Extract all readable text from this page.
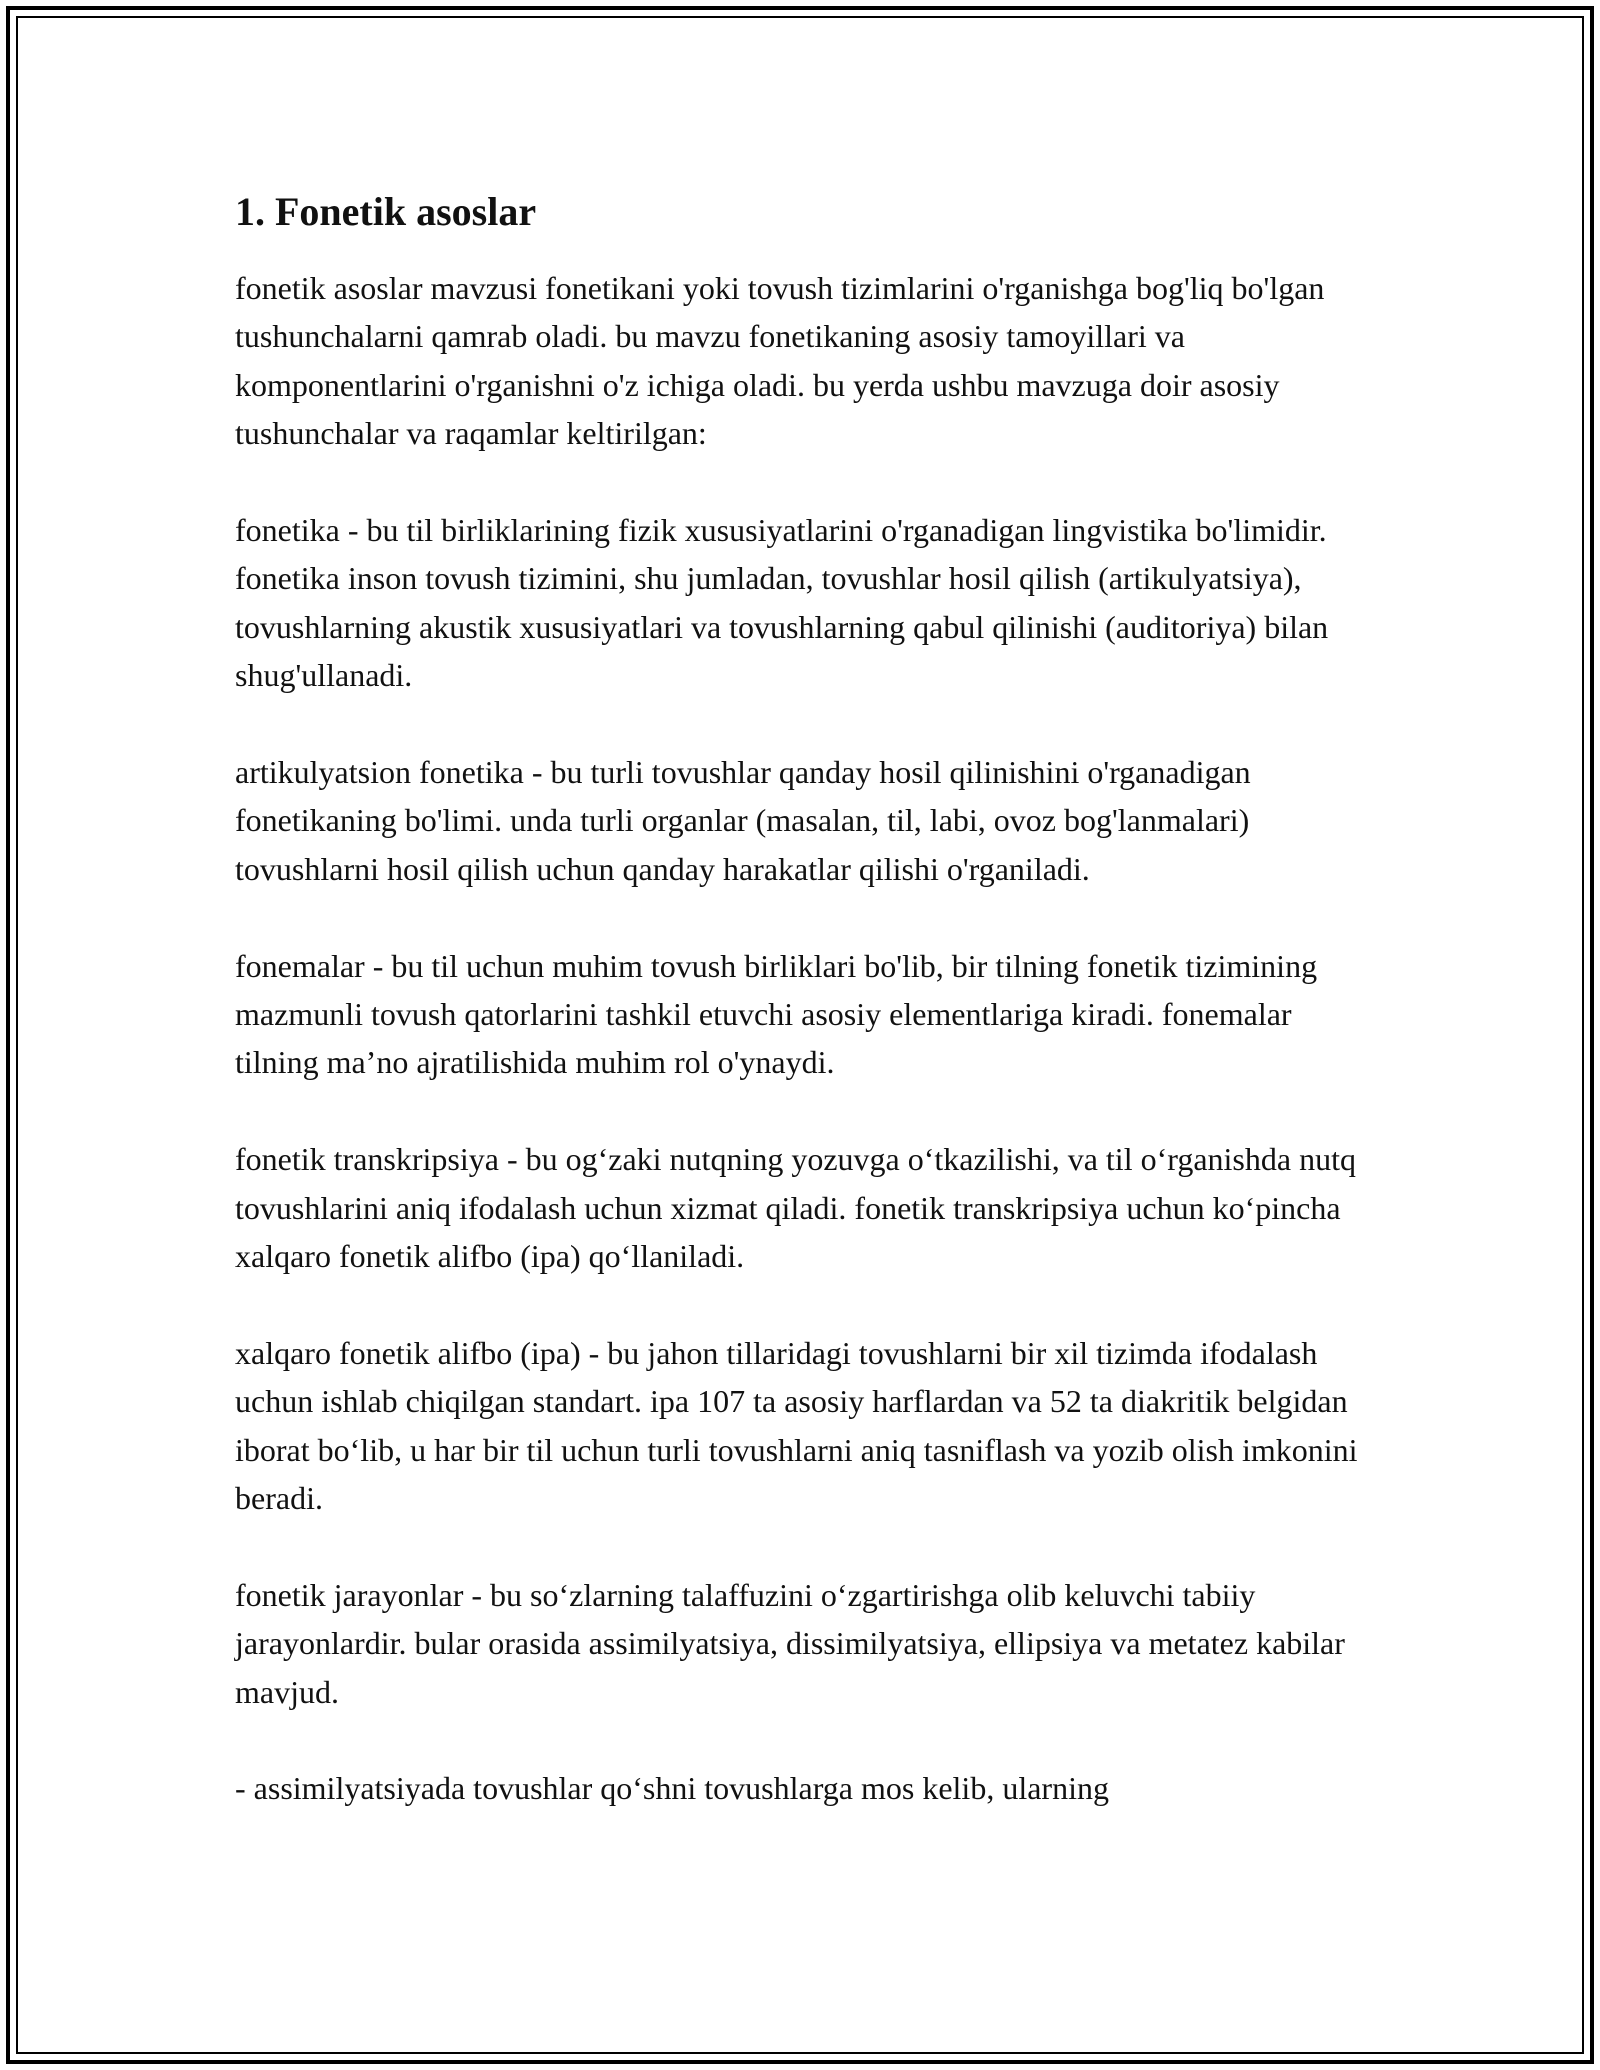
1. Fonetik asoslar

fonetik asoslar mavzusi fonetikani yoki tovush tizimlarini o'rganishga bog'liq bo'lgan tushunchalarni qamrab oladi. bu mavzu fonetikaning asosiy tamoyillari va komponentlarini o'rganishni o'z ichiga oladi. bu yerda ushbu mavzuga doir asosiy tushunchalar va raqamlar keltirilgan:

fonetika - bu til birliklarining fizik xususiyatlarini o'rganadigan lingvistika bo'limidir. fonetika inson tovush tizimini, shu jumladan, tovushlar hosil qilish (artikulyatsiya), tovushlarning akustik xususiyatlari va tovushlarning qabul qilinishi (auditoriya) bilan shug'ullanadi.

artikulyatsion fonetika - bu turli tovushlar qanday hosil qilinishini o'rganadigan fonetikaning bo'limi. unda turli organlar (masalan, til, labi, ovoz bog'lanmalari) tovushlarni hosil qilish uchun qanday harakatlar qilishi o'rganiladi.

fonemalar - bu til uchun muhim tovush birliklari bo'lib, bir tilning fonetik tizimining mazmunli tovush qatorlarini tashkil etuvchi asosiy elementlariga kiradi. fonemalar tilning ma’no ajratilishida muhim rol o'ynaydi.

fonetik transkripsiya - bu og‘zaki nutqning yozuvga o‘tkazilishi, va til o‘rganishda nutq tovushlarini aniq ifodalash uchun xizmat qiladi. fonetik transkripsiya uchun ko‘pincha xalqaro fonetik alifbo (ipa) qo‘llaniladi.

xalqaro fonetik alifbo (ipa) - bu jahon tillaridagi tovushlarni bir xil tizimda ifodalash uchun ishlab chiqilgan standart. ipa 107 ta asosiy harflardan va 52 ta diakritik belgidan iborat bo‘lib, u har bir til uchun turli tovushlarni aniq tasniflash va yozib olish imkonini beradi.

fonetik jarayonlar - bu so‘zlarning talaffuzini o‘zgartirishga olib keluvchi tabiiy jarayonlardir. bular orasida assimilyatsiya, dissimilyatsiya, ellipsiya va metatez kabilar mavjud.

- assimilyatsiyada tovushlar qo‘shni tovushlarga mos kelib, ularning
